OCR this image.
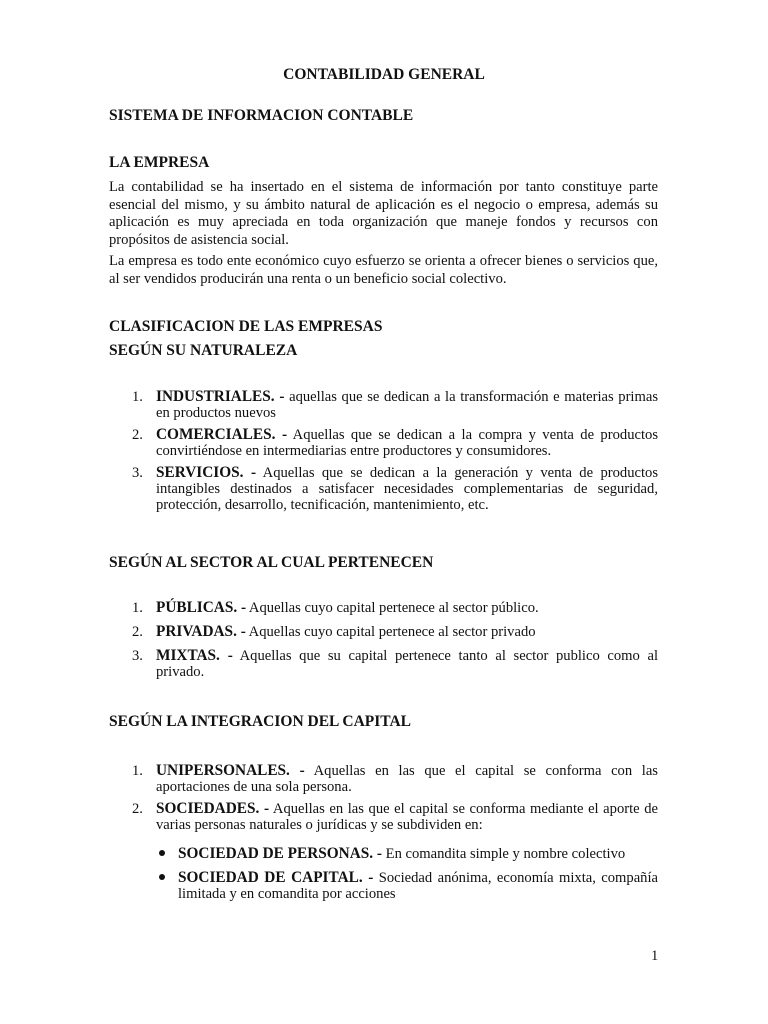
CONTABILIDAD GENERAL
SISTEMA DE INFORMACION CONTABLE
LA EMPRESA

La contabilidad se ha insertado en el sistema de información por tanto constituye parte esencial del mismo, y su ámbito natural de aplicación es el negocio o empresa, además su aplicación es muy apreciada en toda organización que maneje fondos y recursos con propósitos de asistencia social.

La empresa es todo ente económico cuyo esfuerzo se orienta a ofrecer bienes o servicios que, al ser vendidos producirán una renta o un beneficio social colectivo.

CLASIFICACION DE LAS EMPRESAS
SEGÚN SU NATURALEZA
1. INDUSTRIALES. - aquellas que se dedican a la transformación e materias primas en productos nuevos
2. COMERCIALES. - Aquellas que se dedican a la compra y venta de productos convirtiéndose en intermediarias entre productores y consumidores.
3. SERVICIOS. - Aquellas que se dedican a la generación y venta de productos intangibles destinados a satisfacer necesidades complementarias de seguridad, protección, desarrollo, tecnificación, mantenimiento, etc.
SEGÚN AL SECTOR AL CUAL PERTENECEN
1. PÚBLICAS. - Aquellas cuyo capital pertenece al sector público.
2. PRIVADAS. - Aquellas cuyo capital pertenece al sector privado
3. MIXTAS. - Aquellas que su capital pertenece tanto al sector publico como al privado.
SEGÚN LA INTEGRACION DEL CAPITAL
1. UNIPERSONALES. - Aquellas en las que el capital se conforma con las aportaciones de una sola persona.
2. SOCIEDADES. - Aquellas en las que el capital se conforma mediante el aporte de varias personas naturales o jurídicas y se subdividen en:
SOCIEDAD DE PERSONAS. - En comandita simple y nombre colectivo
SOCIEDAD DE CAPITAL. - Sociedad anónima, economía mixta, compañía limitada y en comandita por acciones
1
